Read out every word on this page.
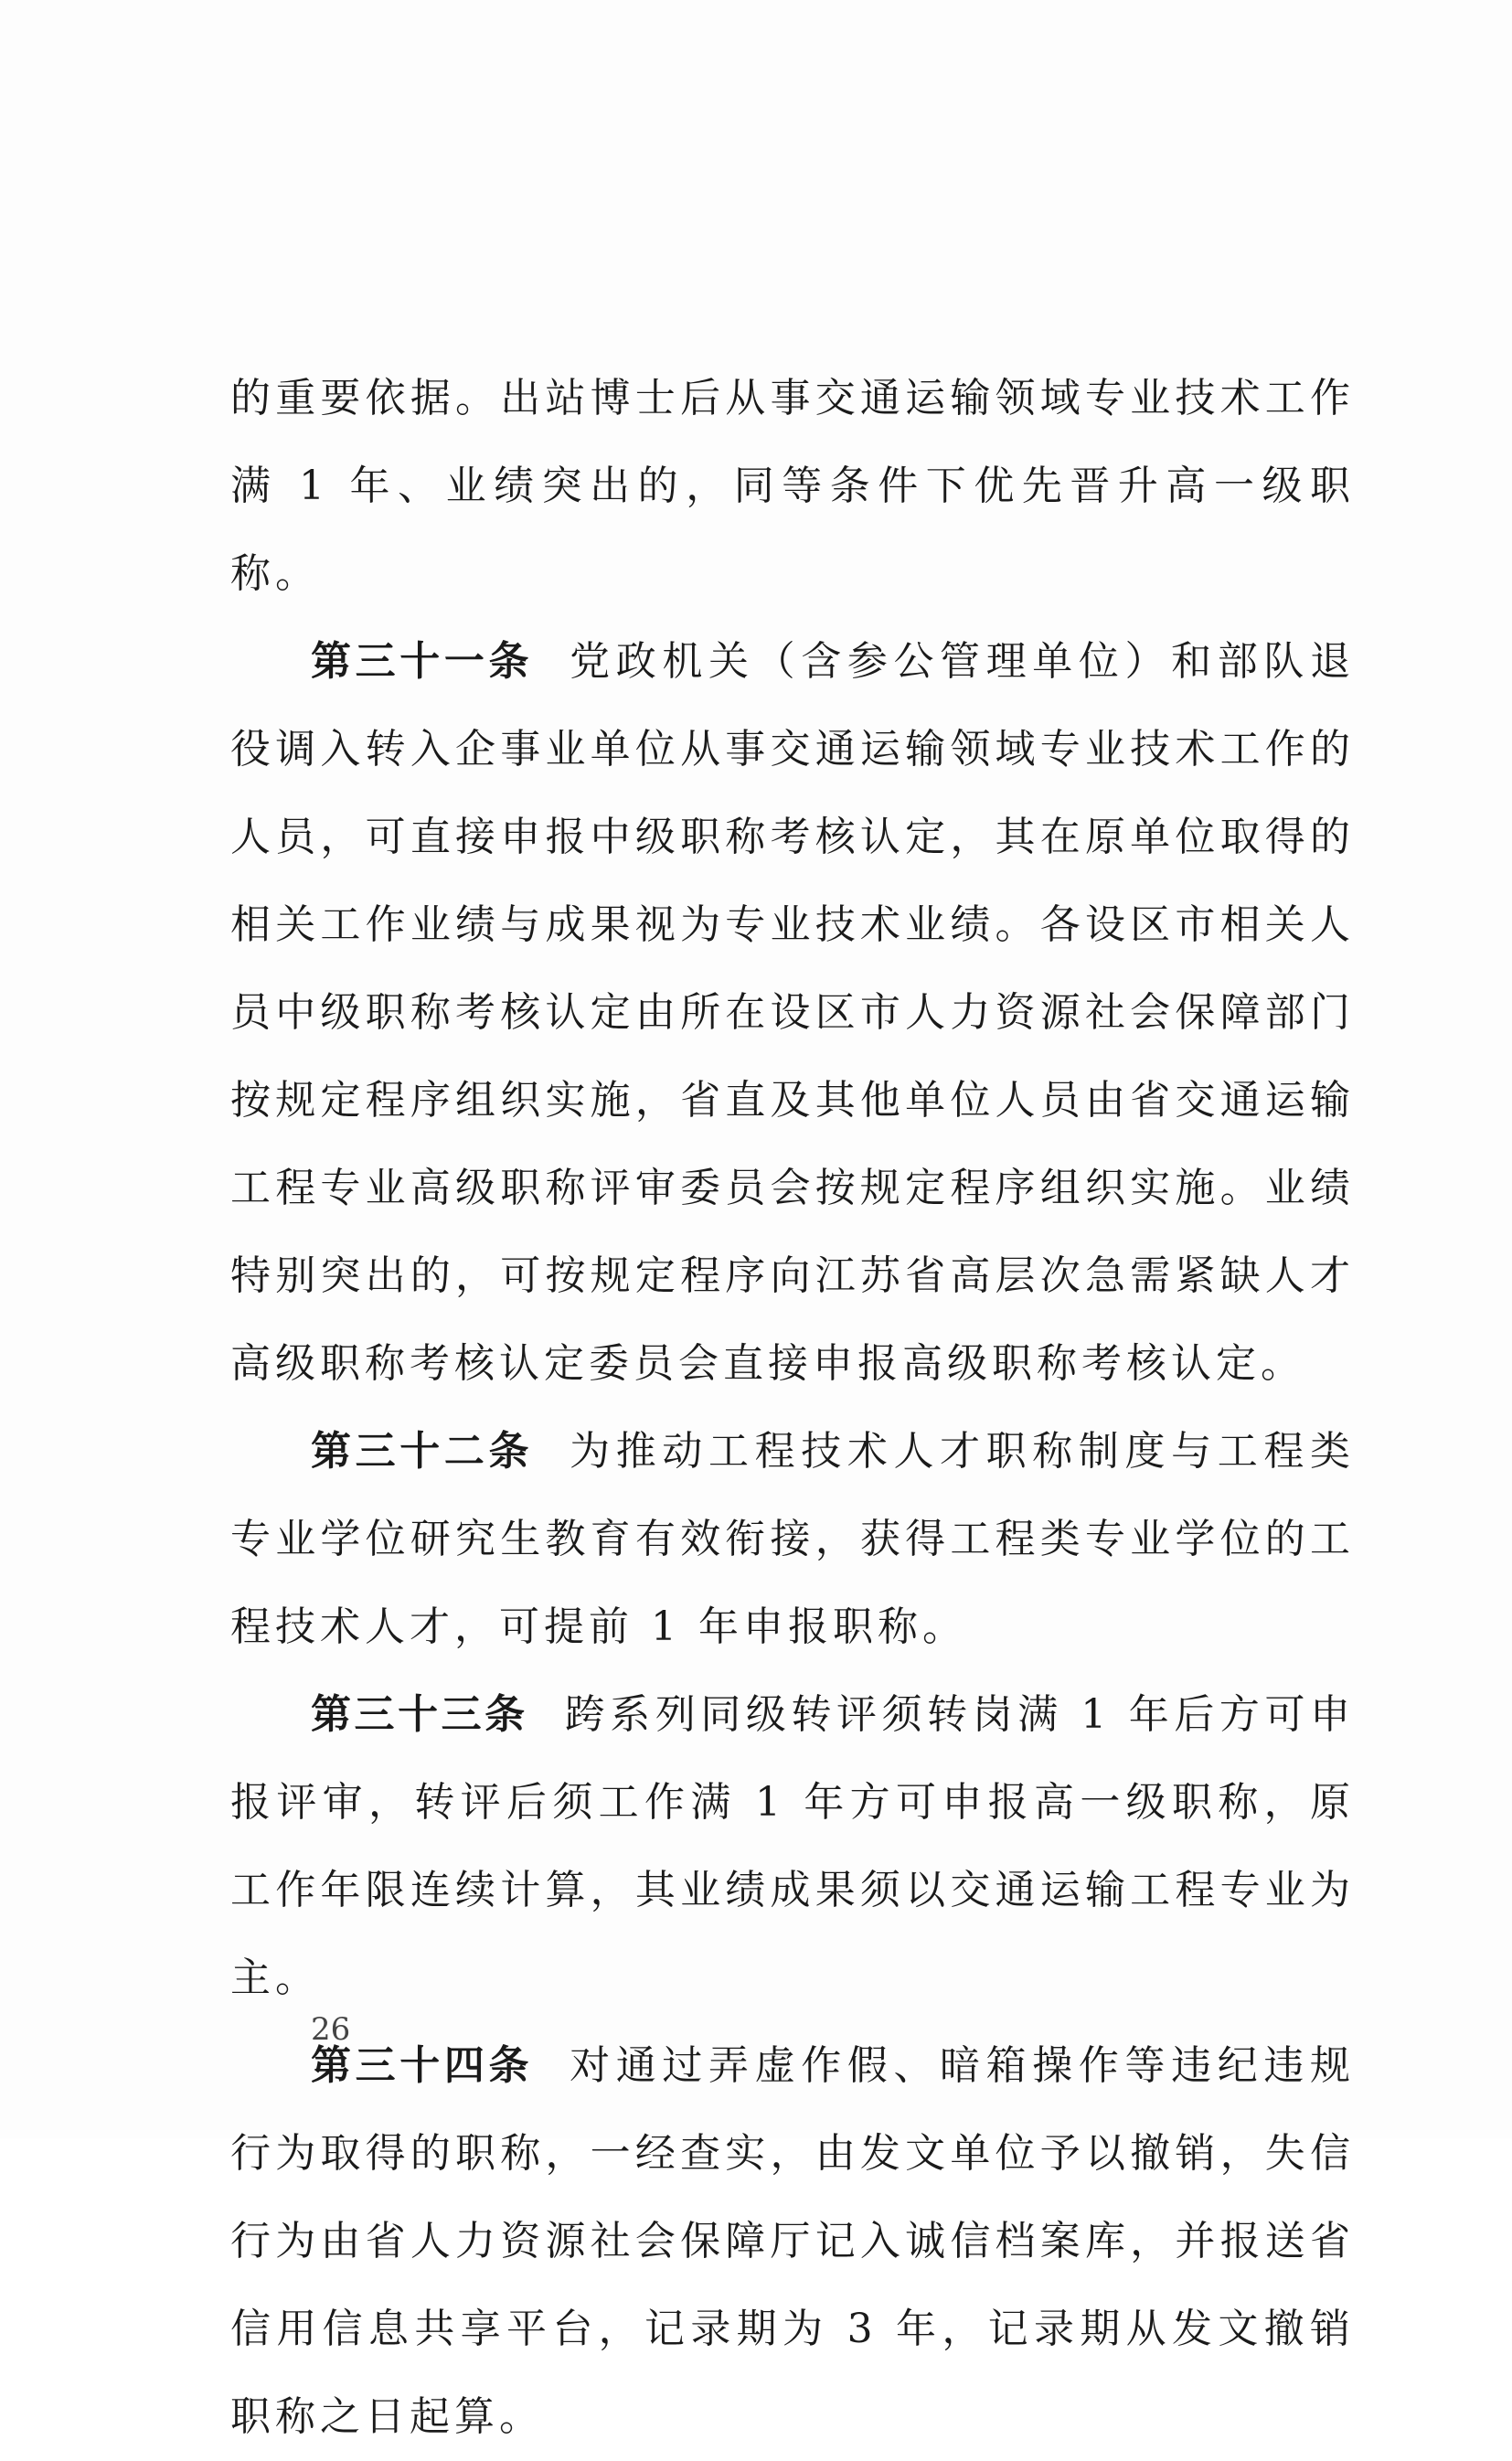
的重要依据。出站博士后从事交通运输领域专业技术工作满 1 年、业绩突出的，同等条件下优先晋升高一级职称。

第三十一条 党政机关（含参公管理单位）和部队退役调入转入企事业单位从事交通运输领域专业技术工作的人员，可直接申报中级职称考核认定，其在原单位取得的相关工作业绩与成果视为专业技术业绩。各设区市相关人员中级职称考核认定由所在设区市人力资源社会保障部门按规定程序组织实施，省直及其他单位人员由省交通运输工程专业高级职称评审委员会按规定程序组织实施。业绩特别突出的，可按规定程序向江苏省高层次急需紧缺人才高级职称考核认定委员会直接申报高级职称考核认定。

第三十二条 为推动工程技术人才职称制度与工程类专业学位研究生教育有效衔接，获得工程类专业学位的工程技术人才，可提前 1 年申报职称。

第三十三条 跨系列同级转评须转岗满 1 年后方可申报评审，转评后须工作满 1 年方可申报高一级职称，原工作年限连续计算，其业绩成果须以交通运输工程专业为主。

第三十四条 对通过弄虚作假、暗箱操作等违纪违规行为取得的职称，一经查实，由发文单位予以撤销，失信行为由省人力资源社会保障厅记入诚信档案库，并报送省信用信息共享平台，记录期为 3 年，记录期从发文撤销职称之日起算。

26
